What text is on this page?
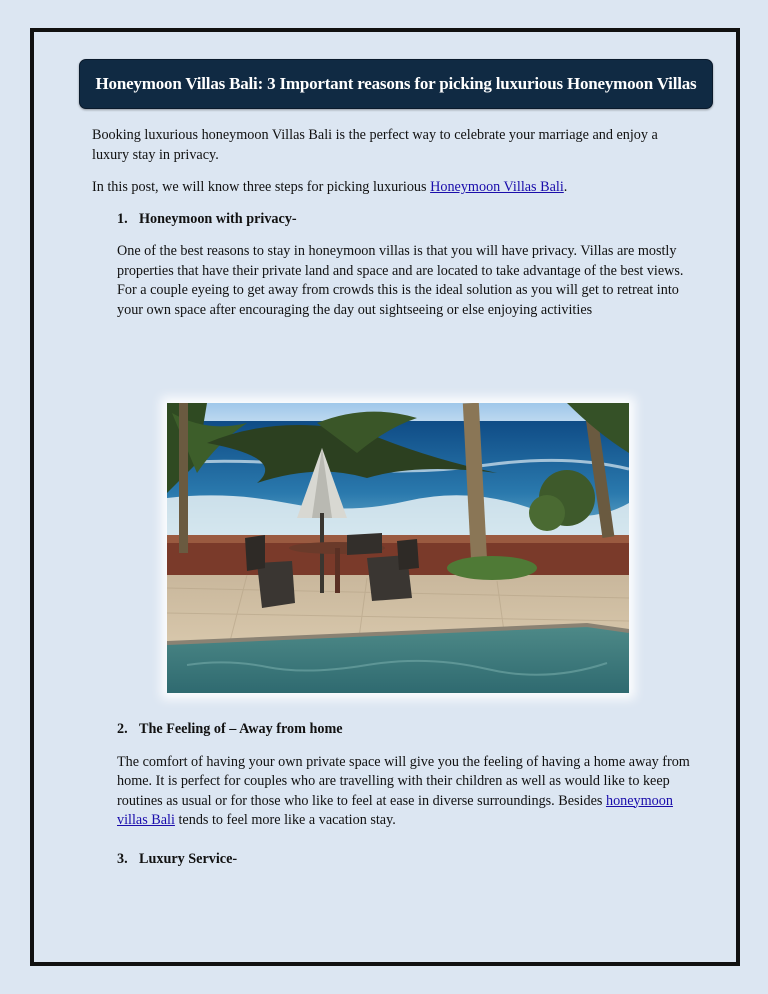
Honeymoon Villas Bali: 3 Important reasons for picking luxurious Honeymoon Villas

Booking luxurious honeymoon Villas Bali is the perfect way to celebrate your marriage and enjoy a luxury stay in privacy.

In this post, we will know three steps for picking luxurious Honeymoon Villas Bali.

1. Honeymoon with privacy-

One of the best reasons to stay in honeymoon villas is that you will have privacy. Villas are mostly properties that have their private land and space and are located to take advantage of the best views. For a couple eyeing to get away from crowds this is the ideal solution as you will get to retreat into your own space after encouraging the day out sightseeing or else enjoying activities

2. The Feeling of – Away from home

The comfort of having your own private space will give you the feeling of having a home away from home. It is perfect for couples who are travelling with their children as well as would like to keep routines as usual or for those who like to feel at ease in diverse surroundings. Besides honeymoon villas Bali tends to feel more like a vacation stay.

3. Luxury Service-
